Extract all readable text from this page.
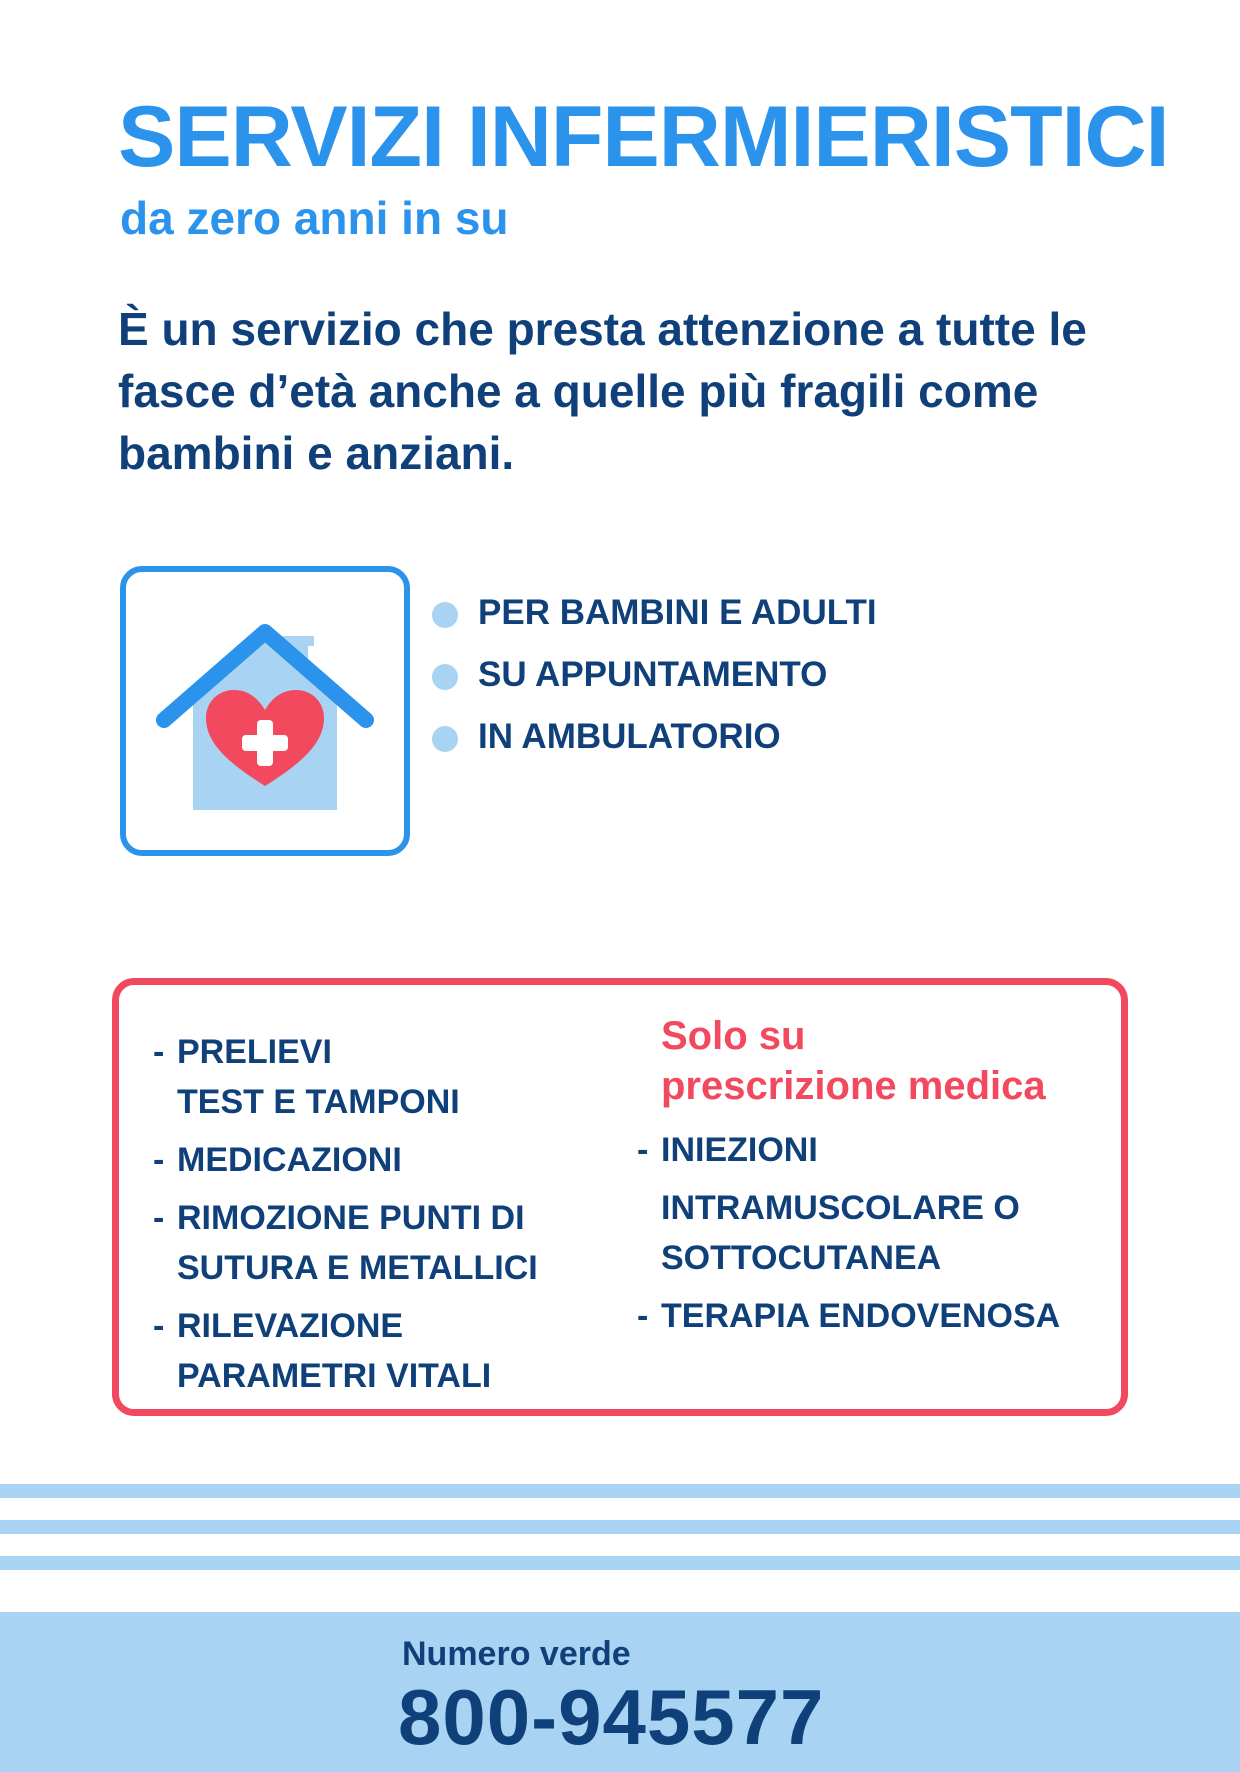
SERVIZI INFERMIERISTICI
da zero anni in su

È un servizio che presta attenzione a tutte le fasce d’età anche a quelle più fragili come bambini e anziani.

PER BAMBINI E ADULTI
SU APPUNTAMENTO
IN AMBULATORIO
- PRELIEVI
TEST E TAMPONI
- MEDICAZIONI
- RIMOZIONE PUNTI DI
SUTURA E METALLICI
- RILEVAZIONE
PARAMETRI VITALI
Solo su
prescrizione medica
- INIEZIONI
INTRAMUSCOLARE O
SOTTOCUTANEA
- TERAPIA ENDOVENOSA
Numero verde
800-945577
